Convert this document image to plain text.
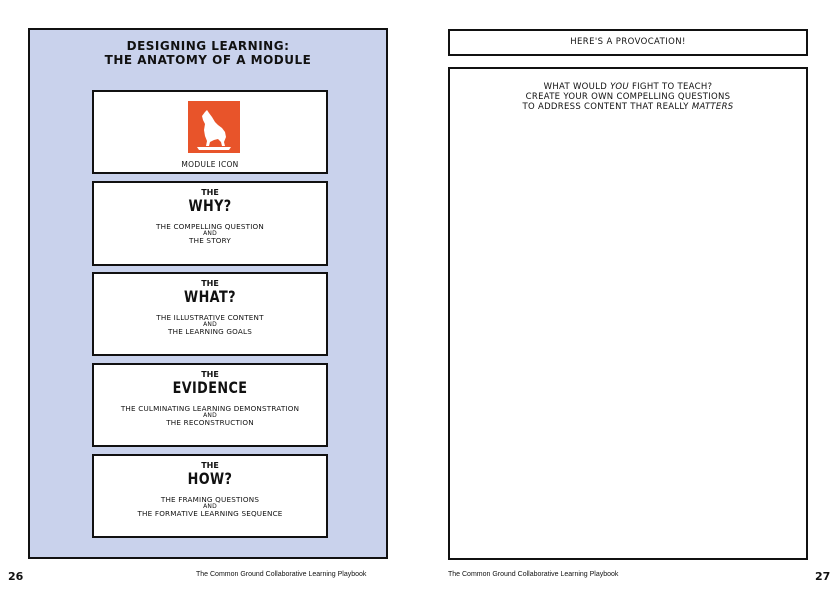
DESIGNING LEARNING:
THE ANATOMY OF A MODULE
MODULE ICON
THE
WHY?
THE COMPELLING QUESTION
AND
THE STORY
THE
WHAT?
THE ILLUSTRATIVE CONTENT
AND
THE LEARNING GOALS
THE
EVIDENCE
THE CULMINATING LEARNING DEMONSTRATION
AND
THE RECONSTRUCTION
THE
HOW?
THE FRAMING QUESTIONS
AND
THE FORMATIVE LEARNING SEQUENCE
HERE'S A PROVOCATION!
WHAT WOULD YOU FIGHT TO TEACH?
CREATE YOUR OWN COMPELLING QUESTIONS
TO ADDRESS CONTENT THAT REALLY MATTERS
26	The Common Ground Collaborative Learning Playbook	The Common Ground Collaborative Learning Playbook	27
